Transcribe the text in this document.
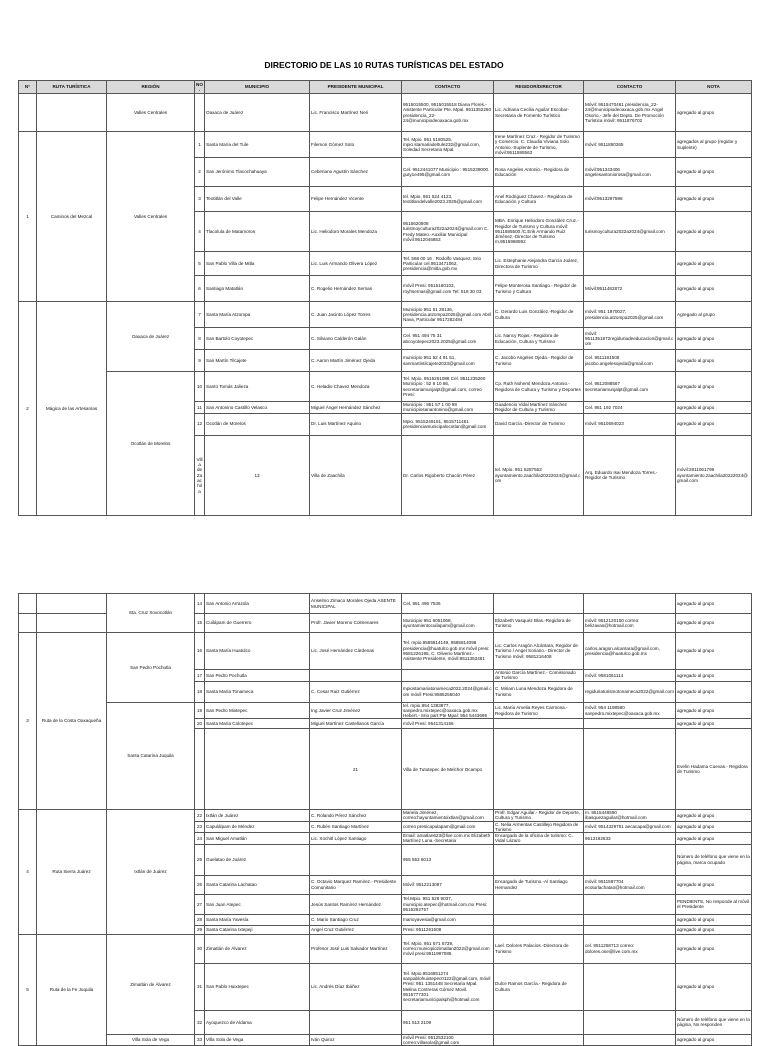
DIRECTORIO DE LAS 10 RUTAS TURÍSTICAS DEL ESTADO
N°	RUTA TURÍSTICA	REGIÓN	NO.	MUNICIPIO	PRESIDENTE MUNICIPAL	CONTACTO	REGIDOR/DIRECTOR	CONTACTO	NOTA	
		Valles Centrales		Oaxaca de Juárez	Lic. Francisco Martínez Neri	9515015500, 9515015518 Diana Flores.-Asistente Particular Pte. Mpal. 9511352260 presidencia_22-24@municipiodeoaxaca.gob.mx	Lic. Adriana Cecilia Aguilar Escobar- Secretaria de Fomento Turístico	Móvil: 9515470461 presidencia_22-24@municipiodeoaxaca.gob.mx Angel Osorio.- Jefe del Depto. De Promoción Turística móvil: 9511876702	agregado al grupo	
1	Caminos del Mezcal	Valles Centrales	1	Santa María del Tule	Filemon Gómez Soto	Tel. Mpio. 951 5180525, mpio.stamariadeltule232@gmail.com, Soledad Secretaria Mpal.	Irene Martínez Cruz.- Regidor de Turismo y Comercio. C. Claudia Viviana Solo Antonio.-Suplente de Turismo, móvil:9511595563	móvil: 9511850265	agregados al grupo (regidor y Suplente)	
			2	San Jerónimo Tlacochahuaya	Ceberiano Agustín Sánchez	Cel. 9512441077 Municipio : 9515239000. guty1e495@gmail.com	Rosa Angeles Antonio.- Regidora de Educación	móvil:951343406 angelesantoniorosa@gmail.com	agregado al grupo	
			3	Teotitlán del Valle	Felipe Hernández Vicente	tel. Mpio. 951 524 4123, teotitlandelvalle2023.2025@gmail.com	Anel Rodriguez Chavez.- Regidora de Educación y Cultura	móvil:9513297598	agregado al grupo	
			4	Tlacolula de Matamoros	Lic. Heliodoro Morales Mendoza	9515620808 turismoycultura2022a2024@gmail.com C. Fredy Mateo.-Auxiliar Municipal móvil:9512046853	MBA. Enrique Heliodoro González Cruz.- Regidor de Turismo y Cultura móvil: 9511685500 /C.Erik Armando Ruiz Jiménez.-Director de Turismo m.9515968592	turismoycultura2022a2024@gmail.com	agregado al grupo	
			5	San Pablo Villa de Mitla	Lic. Luis Armando Olivera López	Tel. 568 00 16 . Rodolfo Vasquez, Srio Particular cel.9513471062, presidencia@mitla.gob.mx	Lic. Estephanie Alejandra García Juárez, Directora de Turismo		agregado al grupo	
			6	Santiago Matatlán	C. Rogelio Hernández Sernas	móvil Presi: 9515160103, royhsernas@gmail.com Tel: 518 30 03	Felipe Monterosa Santiago.- Regidor de Turismo y Cultura	Móvil:9511482872	agregado al grupo	
2	Mágica de las Artesanías	Oaxaca de Juárez	7	Santa María Atzompa	C. Juan Jacinto López Torres	Municipio 951 51 28136, presidencia.atzompa2025@gmail.com Abril Nava, Particular 9517282484	C. Gerardo Luis González.-Regidor de Cultura	móvil: 951 1970027, presidencia.atzompa2025@gmail.com	Agregado al grupo	
			8	San Bartolo Coyotepec	C. Silviano Calderón Galán	Cel. 951 494 75 31 abcoyotepec2023.2025@gmail.com	Lic. Nancy Rojas.- Regidora de Educación, Cultura y Turismo	móvil: 9511351872regiduriadeeducacion@gmail.com	agregado al grupo	
			9	San Martín Tilcajete	C. Aaron Martín Jiménez Ojeda	municipio 951 52 4 91 51, sanmartintilcajete2023@gmail.com	C. Jacobo Angeles Ojeda.- Regidor de Turismo	Cel. 9511181508 jacobo.angelesojeda@gmail.com	agregado al grupo	
		Ocotlán de Morelos	10	Santo Tomás Jalieza	C. Heladio Chavez Mendoza	Tel. Mpio. 9515261088 Cel. 9511235260 Municipio : 52 8 10 86, secretariamunjalpt@gmail.com, correo Presi:	Cp. Ruth Noheml Mendoza Antonio.- Regidora de Cultura y Turismo y Deportes	Cel. 9512088567 secretariamunjalpt@gmail.com	agregado al grupo	
			11	San Antonino Castillo Velasco	Miguel Ángel Hernández Sánchez	Municipio : 951 57 1 00 98 municipiosanantonino@gmail.com	Guadencio Vidal Martínez Sánchez Regidor de Cultura y Turismo	Cel. 951 192 7024	agregado al grupo	
			12	Ocotlán de Morelos	Dr. Luis Martínez Aquino	Mpio. 9515249151, 9515711461 presidenciamunicipalocotlan@gmail.com	David García.-Director de Turismo	móvil: 9510594023	agregado al grupo	
			Villa de Zaachila	13	Villa de Zaachila	Dr. Carlos Rigoberto Chacón Pérez	tel. Mpio. 951 5287553 ayuntamiento.zaachila20222024@gmail.com	Arq. Eduardo Isai Mendoza Torres.- Regidor de Turismo	móvil:2811061799 ayuntamiento.zaachila20222024@gmail.com	
		Sta. Cruz Xoxocotlán	14	San Antonio Arrazola	Anselmo Zimaco Morales Ojeda ASENTE MUNICIPAL	Cel. 951 496 7536			agregado al grupo	
			15	Cuilápam de Guerrero	Profr. Javier Moreno Colmenares	Municipio 951 6051068, ayuntamientocuilapam@gmail.com	Elizabeth Vasquéz Blas.-Regidora de Turismo	móvil: 9512120100 correo: belizavas@hotmail.com	agregado al grupo	
3	Ruta de la Costa Oaxaqueña	San Pedro Pochutla	16	Santa María Huatulco	Lic. José Hernández Cárdenas	Tel. mpio.9585814149, 9585814098 presidencia@huatulco.gob.mx móvil presi: 9581226195, C. Oliverio Martínez.-Asistente Presidente, móvil:9511353461	Lic. Carlos Aragón Alcántara, Regidor de Turismo / Angel Soriano.- Director de Turismo móvil: 9581216408	carlos.aragon.alcantara@gmail.com, presidencia@huatulco.gob.mx	agregado al grupo	
			17	San Pedro Pochutla			Antonio García Martínez.- Comisionado de Turismo	móvil: 9581061114	agregado al grupo	
			18	Santa María Tonameca	C. Cesar Ruiz Gutiérrez	mpiostamariatonameca2022.2024@gmail.com móvil Presi:9585256040	C. Miriam Luna Mendoza Regidora de Turismo	regiduriaturismotonameca2022@gmail.com	agregado al grupo	
		Santa Catarina Juquila	19	San Pedro Mixtepec	Ing Javier Cruz Jiménez	tel. mpio.954 1383877, sanpedro.mixtepec@oaxaca.gob.mx Hebert.- Srio part Pte Mpal: 954 5443695	Lic. María Amelia Reyes Carmona.- Regidora de Turismo	móvil: 954 1198580 sanpedro.mixtepec@oaxaca.gob.mx	agregado al grupo	
			20	Santa María Colotepec	Miguel Martínez Castellanos García	móvil Presi: 9541314156			agregado al grupo	
					21	Villa de Tututepec de Melchor Ocampo			Evelin Hadama Cuevas.- Regidora de Turismo		
4	Ruta Sierra Juárez	Ixtlán de Juárez	22	Ixtlán de Juárez	C. Rolando Pérez Sánchez	Manela Jiménez, correo:hayuntamientoixtlan@gmail.com	Profr. Edgar Aguilar.- Regidor de Deporte, Cultura y Turismo	m. 9515446590 ibasquezaguilar@hotmail.com	agregado al grupo	
			23	Capulálpam de Méndez	C. Rubén Santiago Martínez	correo presicapulapam@gmail.com	C. Nelia Armentas Castillejo Regidora de Turismo	móvil: 9514329751 aecacapa@gmail.com	agregado al grupo	
			24	San Miguel Amatlán	Lic. Xochitl López Santiago	Email: amatlan623@live.com.mx Elizabeth Martínez Luna.-Secretaria	Encargado de la oficina de turismo: C. Vidal Lázaro	9513162633	agregado al grupo	
			25	Guelatao de Juárez		955 553 6013			Número de teléfono que viene en la página, marca ocupado	
			26	Santa Catarina Lachatao	C. Octavio Marquez Ramirez.- Presidente Comunitario	Móvil: 9512213087	Encargado de Turismo.-Al Santiago Hernandez	móvil: 9511597704 ecoturlachatao@hotmail.com	agregado al grupo	
			27	San Juan Atepec	Jesús Santos Ramírez Hernández	Tel.Mpio. 951 526 9037, municipio.atepec@hotmail.com.mx Presi: 9515292757			PENDIENTE, No responde al móvil el Presidente	
			28	Santa María Yavesía	C. Mario Santiago Cruz	marioyavesia@gmail.com			agregado al grupo	
			29	Santa Catarina Ixtepeji	Angel Cruz Gutiérrez	Presi: 9511261508			agregado al grupo	
5	Ruta de la Fe Juquila	Zimatlán de Álvarez	30	Zimatlán de Álvarez	Profesor José Luis Salvador Martínez	Tel. Mpio. 951 571 5739, correo:municipiozimatlan2022@gmail.com móvil presi:9511997085	Lael. Dolores Palacios.-Directora de Turismo	cel. 9511258713 correo: dolores.ose@live.com.mx	agregado al grupo	
			31	San Pablo Huixtepec	Lic. Andrés Díaz Ibáñez	Tel. Mpio.9516851274 sanpablohuixtepec0122@gmail.com, móvil Presi: 951 1351448 Secretaria Mpal. Melina Contreras Gómez Movil. 9515777301 secretariamunicipalsph@hotmail.com	Dulce Ramos García.- Regidora de Cultura		agregado al grupo	
			32	Ayoquezco de Aldama		951 513 2109			Número de teléfono que viene en la página, No responden	
		Villa Sola de Vega	33	Villa Sola de Vega	Iván Quiroz	móvil Presi: 9512532100 correo:villasola@gmail.com			agregado al grupo	
